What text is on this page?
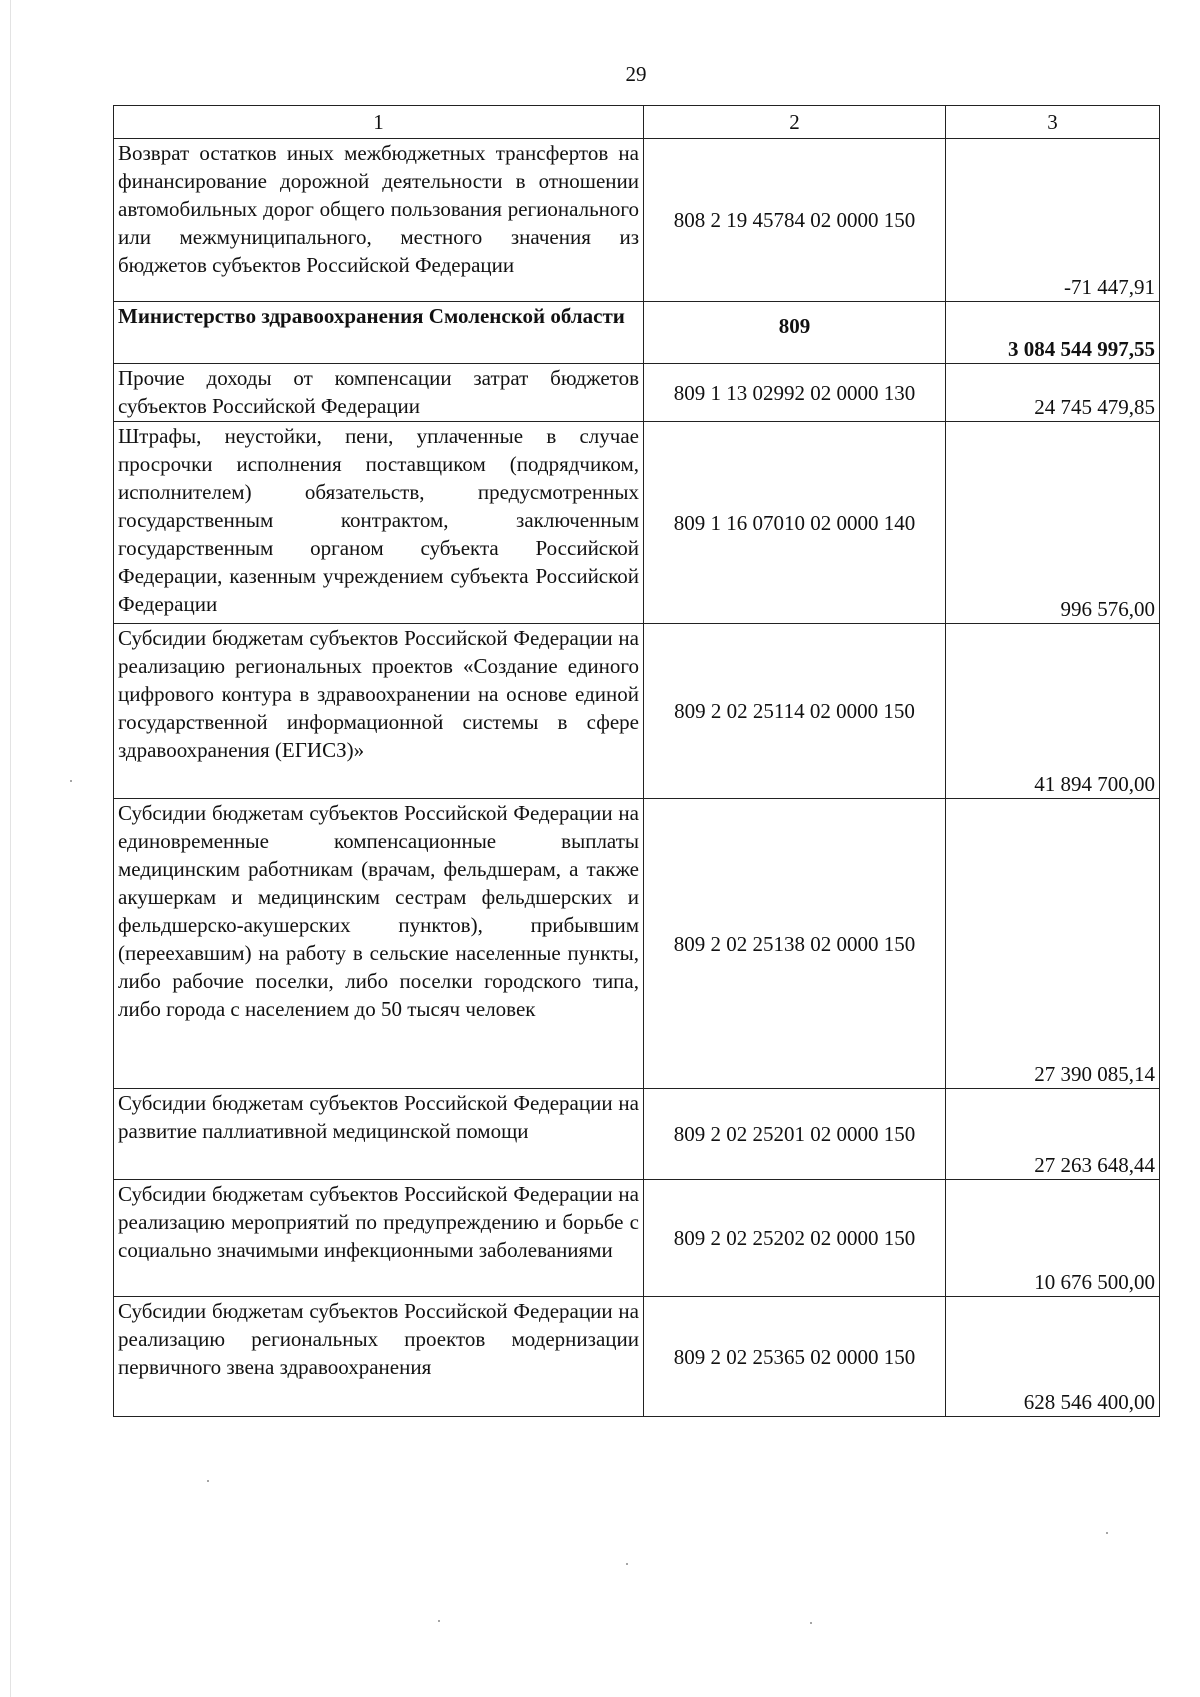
29
1	2	3
Возврат остатков иных межбюджетных трансфертов на финансирование дорожной деятельности в отношении автомобильных дорог общего пользования регионального или межмуниципального, местного значения из бюджетов субъектов Российской Федерации	808 2 19 45784 02 0000 150	-71 447,91
Министерство здравоохранения Смоленской области	809	3 084 544 997,55
Прочие доходы от компенсации затрат бюджетов субъектов Российской Федерации	809 1 13 02992 02 0000 130	24 745 479,85
Штрафы, неустойки, пени, уплаченные в случае просрочки исполнения поставщиком (подрядчиком, исполнителем) обязательств, предусмотренных государственным контрактом, заключенным государственным органом субъекта Российской Федерации, казенным учреждением субъекта Российской Федерации	809 1 16 07010 02 0000 140	996 576,00
Субсидии бюджетам субъектов Российской Федерации на реализацию региональных проектов «Создание единого цифрового контура в здравоохранении на основе единой государственной информационной системы в сфере здравоохранения (ЕГИСЗ)»	809 2 02 25114 02 0000 150	41 894 700,00
Субсидии бюджетам субъектов Российской Федерации на единовременные компенсационные выплаты медицинским работникам (врачам, фельдшерам, а также акушеркам и медицинским сестрам фельдшерских и фельдшерско-акушерских пунктов), прибывшим (переехавшим) на работу в сельские населенные пункты, либо рабочие поселки, либо поселки городского типа, либо города с населением до 50 тысяч человек	809 2 02 25138 02 0000 150	27 390 085,14
Субсидии бюджетам субъектов Российской Федерации на развитие паллиативной медицинской помощи	809 2 02 25201 02 0000 150	27 263 648,44
Субсидии бюджетам субъектов Российской Федерации на реализацию мероприятий по предупреждению и борьбе с социально значимыми инфекционными заболеваниями	809 2 02 25202 02 0000 150	10 676 500,00
Субсидии бюджетам субъектов Российской Федерации на реализацию региональных проектов модернизации первичного звена здравоохранения	809 2 02 25365 02 0000 150	628 546 400,00
